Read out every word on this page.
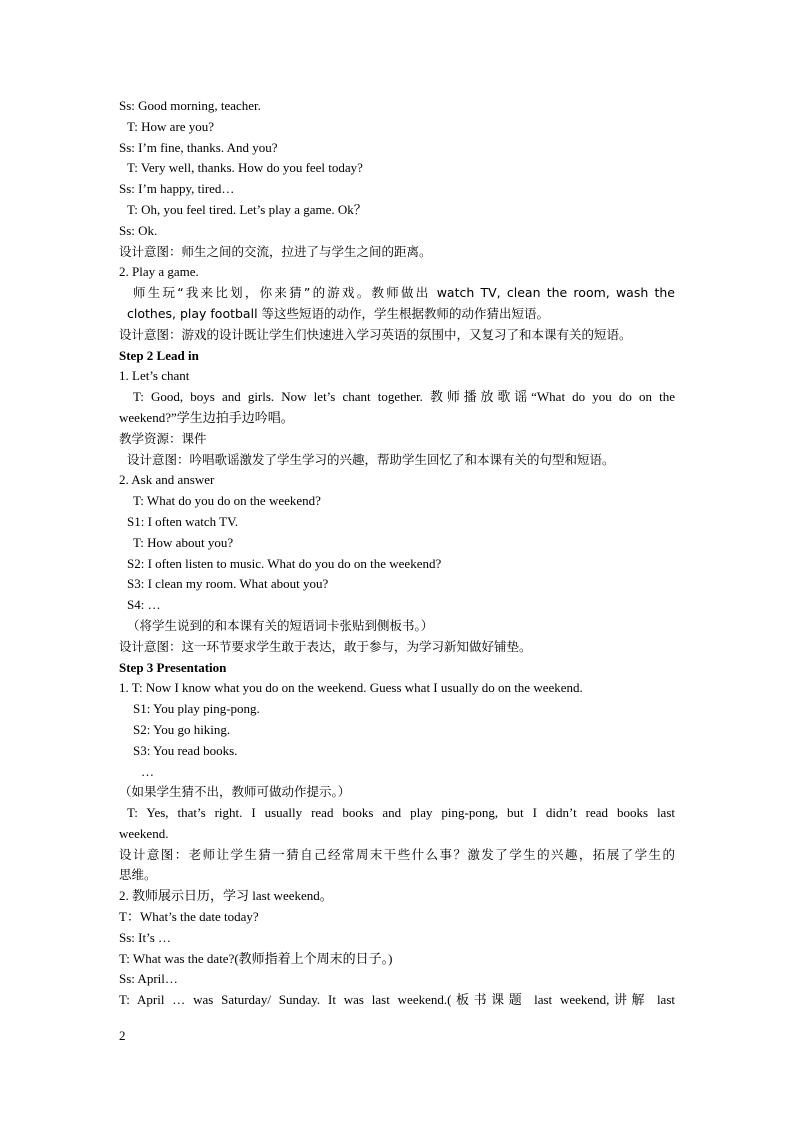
Ss: Good morning, teacher.
T: How are you?
Ss: I’m fine, thanks. And you?
T: Very well, thanks. How do you feel today?
Ss: I’m happy, tired…
T: Oh, you feel tired. Let’s play a game. Ok？
Ss: Ok.
设计意图：师生之间的交流，拉进了与学生之间的距离。
2. Play a game.
师生玩“我来比划，你来猜”的游戏。教师做出 watch TV, clean the room, wash the
clothes, play football 等这些短语的动作，学生根据教师的动作猜出短语。
设计意图：游戏的设计既让学生们快速进入学习英语的氛围中，又复习了和本课有关的短语。
Step 2 Lead in
1. Let’s chant
T: Good, boys and girls. Now let’s chant together. 教师播放歌谣“What do you do on the
weekend?”学生边拍手边吟唱。
教学资源：课件
设计意图：吟唱歌谣激发了学生学习的兴趣，帮助学生回忆了和本课有关的句型和短语。
2. Ask and answer
T: What do you do on the weekend?
S1: I often watch TV.
T: How about you?
S2: I often listen to music. What do you do on the weekend?
S3: I clean my room. What about you?
S4: …
（将学生说到的和本课有关的短语词卡张贴到侧板书。）
设计意图：这一环节要求学生敢于表达，敢于参与，为学习新知做好铺垫。
Step 3 Presentation
1. T: Now I know what you do on the weekend. Guess what I usually do on the weekend.
S1: You play ping-pong.
S2: You go hiking.
S3: You read books.
…
（如果学生猜不出，教师可做动作提示。）
T: Yes, that’s right. I usually read books and play ping-pong, but I didn’t read books last
weekend.
设计意图：老师让学生猜一猜自己经常周末干些什么事？激发了学生的兴趣，拓展了学生的
思维。
2. 教师展示日历，学习 last weekend。
T：What’s the date today?
Ss: It’s …
T: What was the date?(教师指着上个周末的日子。)
Ss: April…
T: April … was Saturday/ Sunday. It was last weekend.(板书课题 last weekend,讲解 last
2
